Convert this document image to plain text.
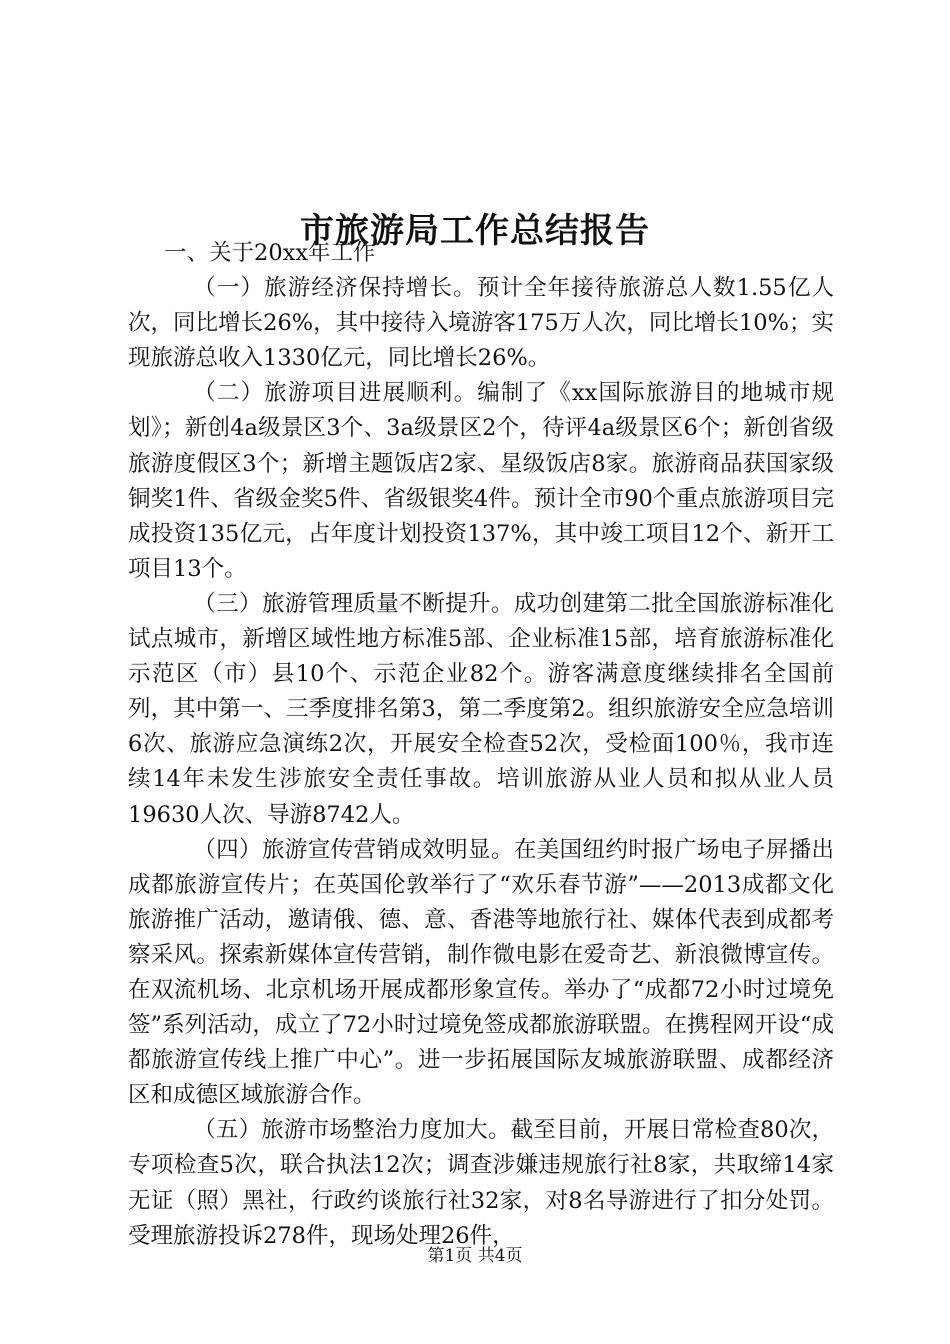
市旅游局工作总结报告

一、关于20xx年工作

（一）旅游经济保持增长。预计全年接待旅游总人数1.55亿人次，同比增长26%，其中接待入境游客175万人次，同比增长10%；实现旅游总收入1330亿元，同比增长26%。

（二）旅游项目进展顺利。编制了《xx国际旅游目的地城市规划》；新创4a级景区3个、3a级景区2个，待评4a级景区6个；新创省级旅游度假区3个；新增主题饭店2家、星级饭店8家。旅游商品获国家级铜奖1件、省级金奖5件、省级银奖4件。预计全市90个重点旅游项目完成投资135亿元，占年度计划投资137%，其中竣工项目12个、新开工项目13个。

（三）旅游管理质量不断提升。成功创建第二批全国旅游标准化试点城市，新增区域性地方标准5部、企业标准15部，培育旅游标准化示范区（市）县10个、示范企业82个。游客满意度继续排名全国前列，其中第一、三季度排名第3，第二季度第2。组织旅游安全应急培训6次、旅游应急演练2次，开展安全检查52次，受检面100％，我市连续14年未发生涉旅安全责任事故。培训旅游从业人员和拟从业人员19630人次、导游8742人。

（四）旅游宣传营销成效明显。在美国纽约时报广场电子屏播出成都旅游宣传片；在英国伦敦举行了“欢乐春节游”——2013成都文化旅游推广活动，邀请俄、德、意、香港等地旅行社、媒体代表到成都考察采风。探索新媒体宣传营销，制作微电影在爱奇艺、新浪微博宣传。在双流机场、北京机场开展成都形象宣传。举办了“成都72小时过境免签”系列活动，成立了72小时过境免签成都旅游联盟。在携程网开设“成都旅游宣传线上推广中心”。进一步拓展国际友城旅游联盟、成都经济区和成德区域旅游合作。

（五）旅游市场整治力度加大。截至目前，开展日常检查80次，专项检查5次，联合执法12次；调查涉嫌违规旅行社8家，共取缔14家无证（照）黑社，行政约谈旅行社32家，对8名导游进行了扣分处罚。受理旅游投诉278件，现场处理26件，

第1页 共4页
